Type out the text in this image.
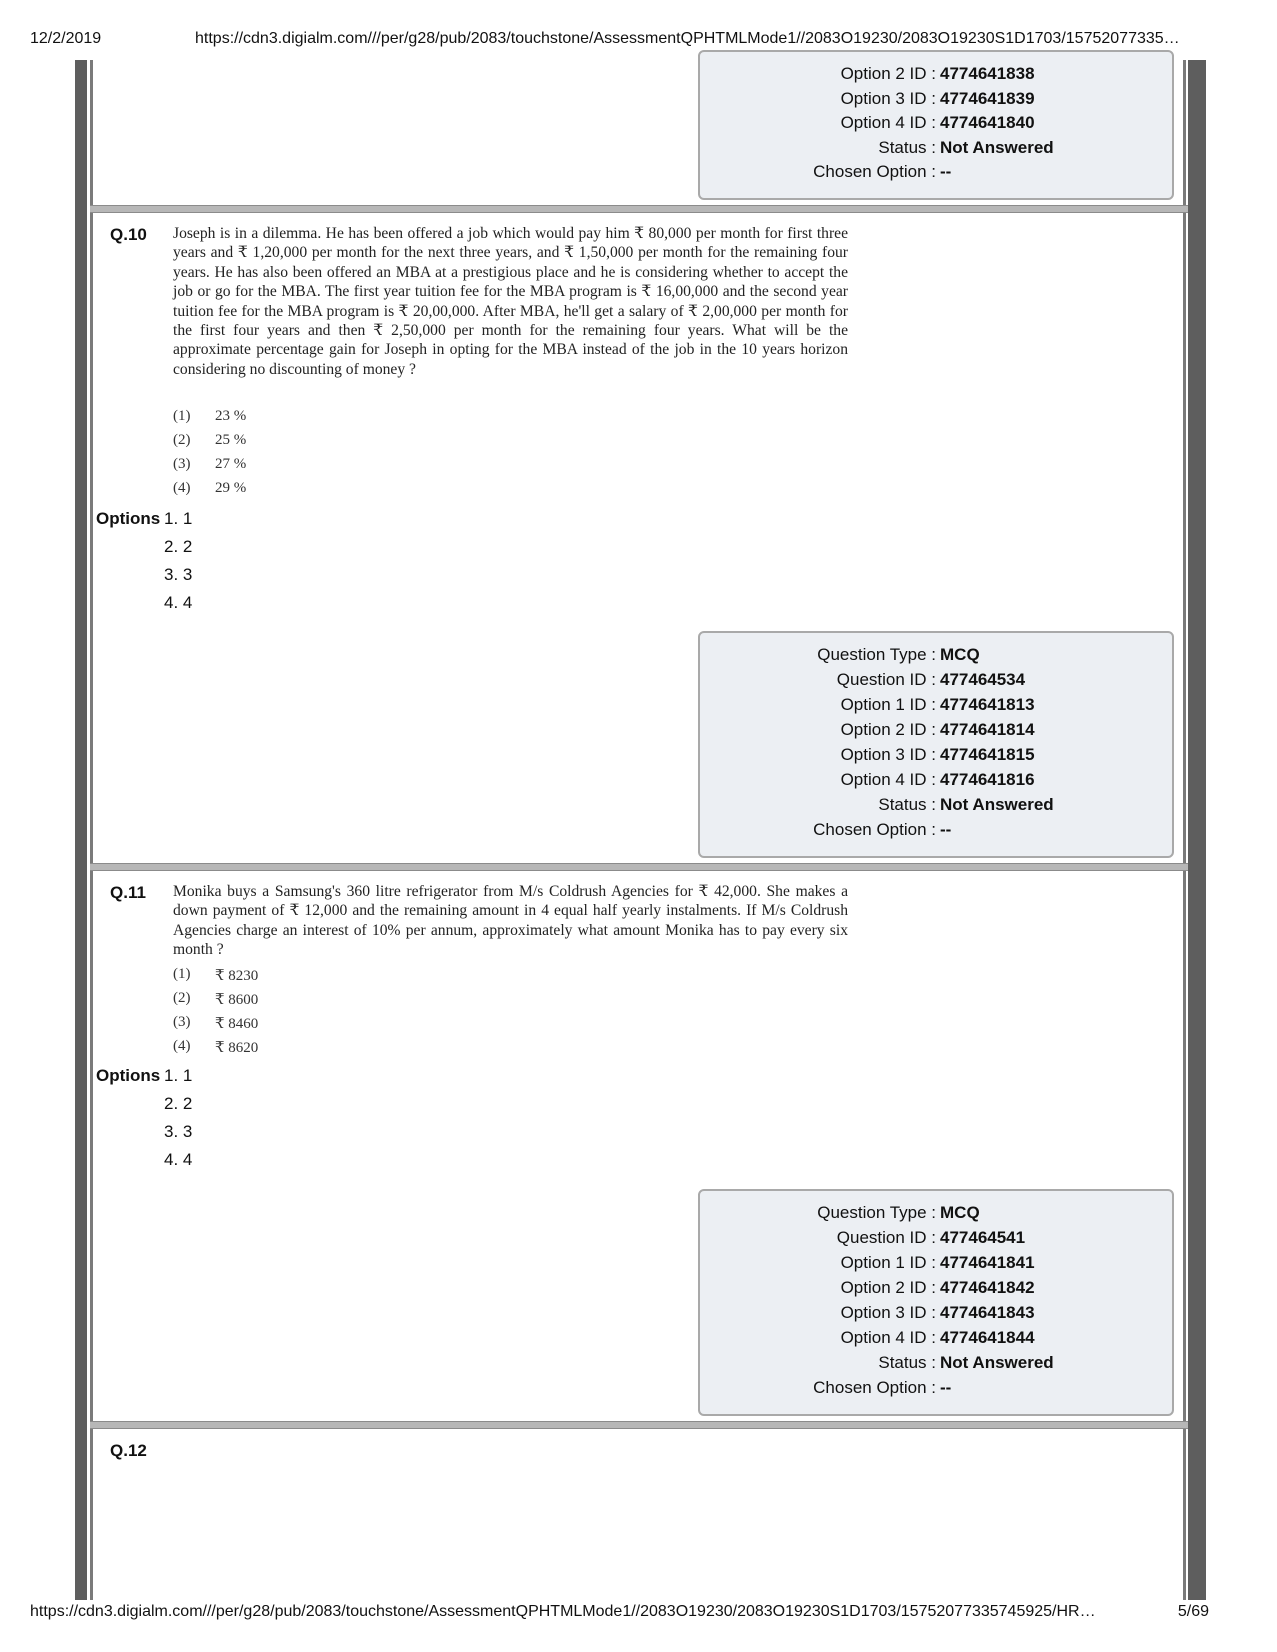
12/2/2019	https://cdn3.digialm.com///per/g28/pub/2083/touchstone/AssessmentQPHTMLMode1//2083O19230/2083O19230S1D1703/15752077335…
Option 2 ID : 4774641838
Option 3 ID : 4774641839
Option 4 ID : 4774641840
Status : Not Answered
Chosen Option : --
Q.10 Joseph is in a dilemma. He has been offered a job which would pay him ₹ 80,000 per month for first three years and ₹ 1,20,000 per month for the next three years, and ₹ 1,50,000 per month for the remaining four years. He has also been offered an MBA at a prestigious place and he is considering whether to accept the job or go for the MBA. The first year tuition fee for the MBA program is ₹ 16,00,000 and the second year tuition fee for the MBA program is ₹ 20,00,000. After MBA, he'll get a salary of ₹ 2,00,000 per month for the first four years and then ₹ 2,50,000 per month for the remaining four years. What will be the approximate percentage gain for Joseph in opting for the MBA instead of the job in the 10 years horizon considering no discounting of money ?
(1) 23 %
(2) 25 %
(3) 27 %
(4) 29 %
Options 1. 1
2. 2
3. 3
4. 4
Question Type : MCQ
Question ID : 477464534
Option 1 ID : 4774641813
Option 2 ID : 4774641814
Option 3 ID : 4774641815
Option 4 ID : 4774641816
Status : Not Answered
Chosen Option : --
Q.11 Monika buys a Samsung's 360 litre refrigerator from M/s Coldrush Agencies for ₹ 42,000. She makes a down payment of ₹ 12,000 and the remaining amount in 4 equal half yearly instalments. If M/s Coldrush Agencies charge an interest of 10% per annum, approximately what amount Monika has to pay every six month ?
(1) ₹ 8230
(2) ₹ 8600
(3) ₹ 8460
(4) ₹ 8620
Options 1. 1
2. 2
3. 3
4. 4
Question Type : MCQ
Question ID : 477464541
Option 1 ID : 4774641841
Option 2 ID : 4774641842
Option 3 ID : 4774641843
Option 4 ID : 4774641844
Status : Not Answered
Chosen Option : --
Q.12
https://cdn3.digialm.com///per/g28/pub/2083/touchstone/AssessmentQPHTMLMode1//2083O19230/2083O19230S1D1703/15752077335745925/HR…	5/69
